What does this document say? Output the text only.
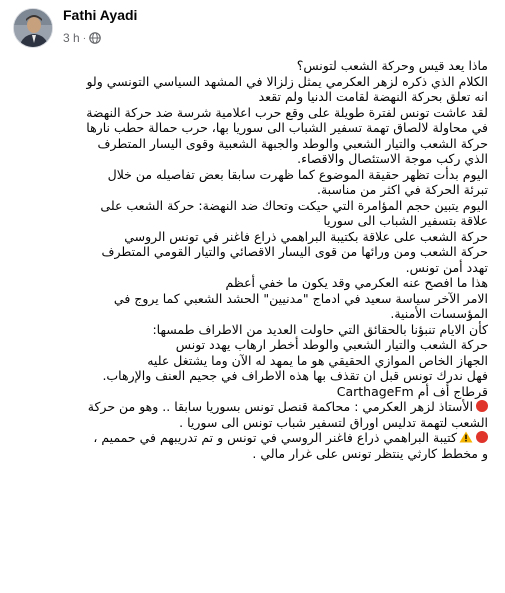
Fathi Ayadi
3 h ·
ماذا يعد قيس وحركة الشعب لتونس؟
الكلام الذي ذكره لزهر العكرمي يمثل زلزالا في المشهد السياسي التونسي ولو
انه تعلق بحركة النهضة لقامت الدنيا ولم تقعد
لقد عاشت تونس لفترة طويلة على وقع حرب اعلامية شرسة ضد حركة النهضة
في محاولة لالصاق تهمة تسفير الشباب الى سوريا بها، حرب حمالة حطب نارها
حركة الشعب والتيار الشعبي والوطد والجبهة الشعبية وقوى اليسار المتطرف
الذي ركب موجة الاستئصال والاقصاء.
اليوم بدأت تظهر حقيقة الموضوع كما ظهرت سابقا بعض تفاصيله من خلال
تبرئة الحركة في اكثر من مناسبة.
اليوم يتبين حجم المؤامرة التي حيكت وتحاك ضد النهضة: حركة الشعب على
علاقة بتسفير الشباب الى سوريا
حركة الشعب على علاقة بكتيبة البراهمي ذراع فاغنر في تونس الروسي
حركة الشعب ومن ورائها من قوى اليسار الاقصائي والتيار القومي المتطرف
تهدد أمن تونس.
هذا ما افصح عنه العكرمي وقد يكون ما خفي أعظم
الامر الآخر سياسة سعيد في ادماج "مدنيين" الحشد الشعبي كما يروج في
المؤسسات الأمنية.
كأن الايام تنبؤنا بالحقائق التي حاولت العديد من الاطراف طمسها:
حركة الشعب والتيار الشعبي والوطد أخطر ارهاب يهدد تونس
الجهاز الخاص الموازي الحقيقي هو ما يمهد له الآن وما يشتغل عليه
فهل ندرك تونس قبل ان تقذف بها هذه الاطراف في جحيم العنف والإرهاب.
قرطاج أف أم CarthageFm
الأستاذ لزهر العكرمي : محاكمة قنصل تونس بسوريا سابقا .. وهو من حركة
الشعب لتهمة تدليس اوراق لتسفير شباب تونس الى سوريا .
كتيبة البراهمي ذراع فاغنر الروسي في تونس و تم تدريبهم في حمميم ،
و مخطط كارثي ينتظر تونس على غرار مالي .
